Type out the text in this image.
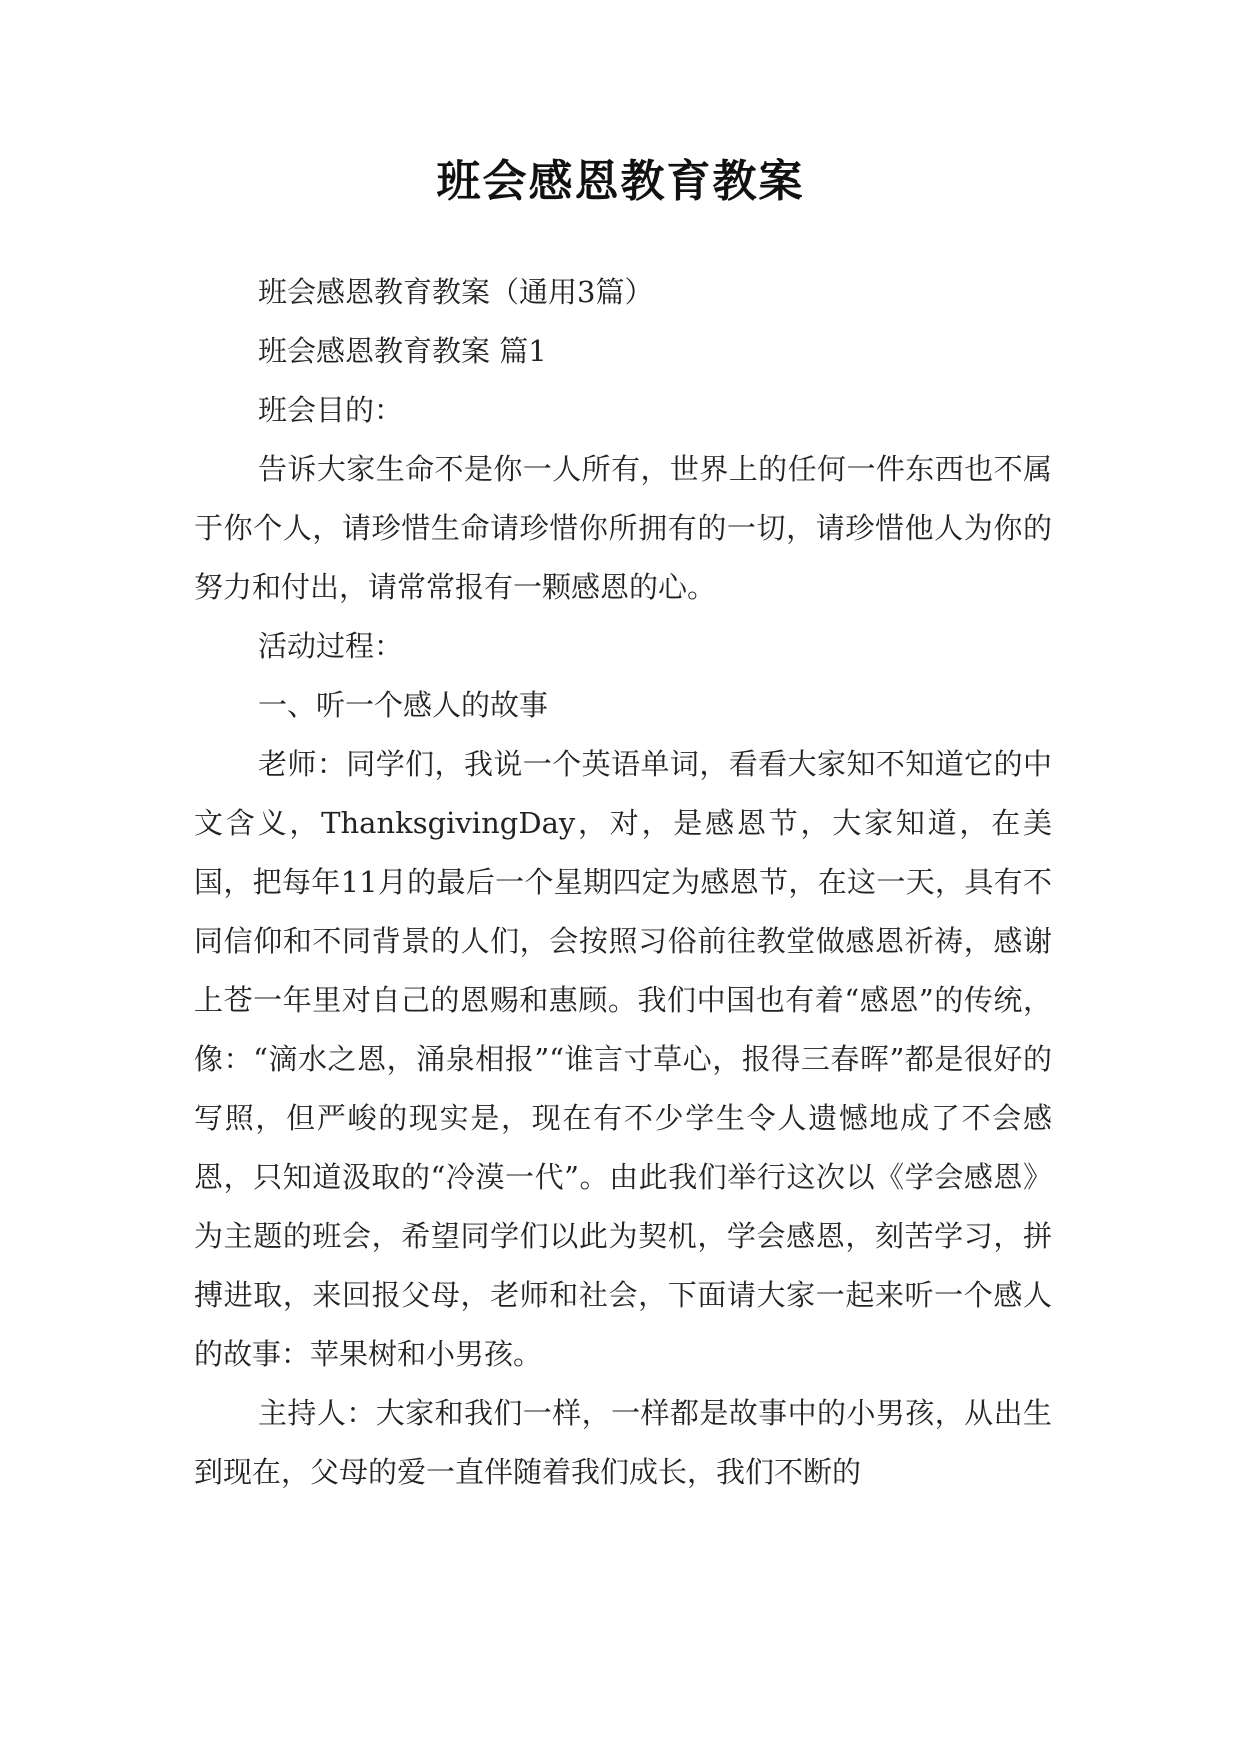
班会感恩教育教案

班会感恩教育教案（通用3篇）

班会感恩教育教案 篇1

班会目的：

告诉大家生命不是你一人所有，世界上的任何一件东西也不属于你个人，请珍惜生命请珍惜你所拥有的一切，请珍惜他人为你的努力和付出，请常常报有一颗感恩的心。

活动过程：

一、听一个感人的故事

老师：同学们，我说一个英语单词，看看大家知不知道它的中文含义，ThanksgivingDay，对，是感恩节，大家知道，在美国，把每年11月的最后一个星期四定为感恩节，在这一天，具有不同信仰和不同背景的人们，会按照习俗前往教堂做感恩祈祷，感谢上苍一年里对自己的恩赐和惠顾。我们中国也有着“感恩”的传统，像：“滴水之恩，涌泉相报”“谁言寸草心，报得三春晖”都是很好的写照，但严峻的现实是，现在有不少学生令人遗憾地成了不会感恩，只知道汲取的“冷漠一代”。由此我们举行这次以《学会感恩》为主题的班会，希望同学们以此为契机，学会感恩，刻苦学习，拼搏进取，来回报父母，老师和社会，下面请大家一起来听一个感人的故事：苹果树和小男孩。

主持人：大家和我们一样，一样都是故事中的小男孩，从出生到现在，父母的爱一直伴随着我们成长，我们不断的
